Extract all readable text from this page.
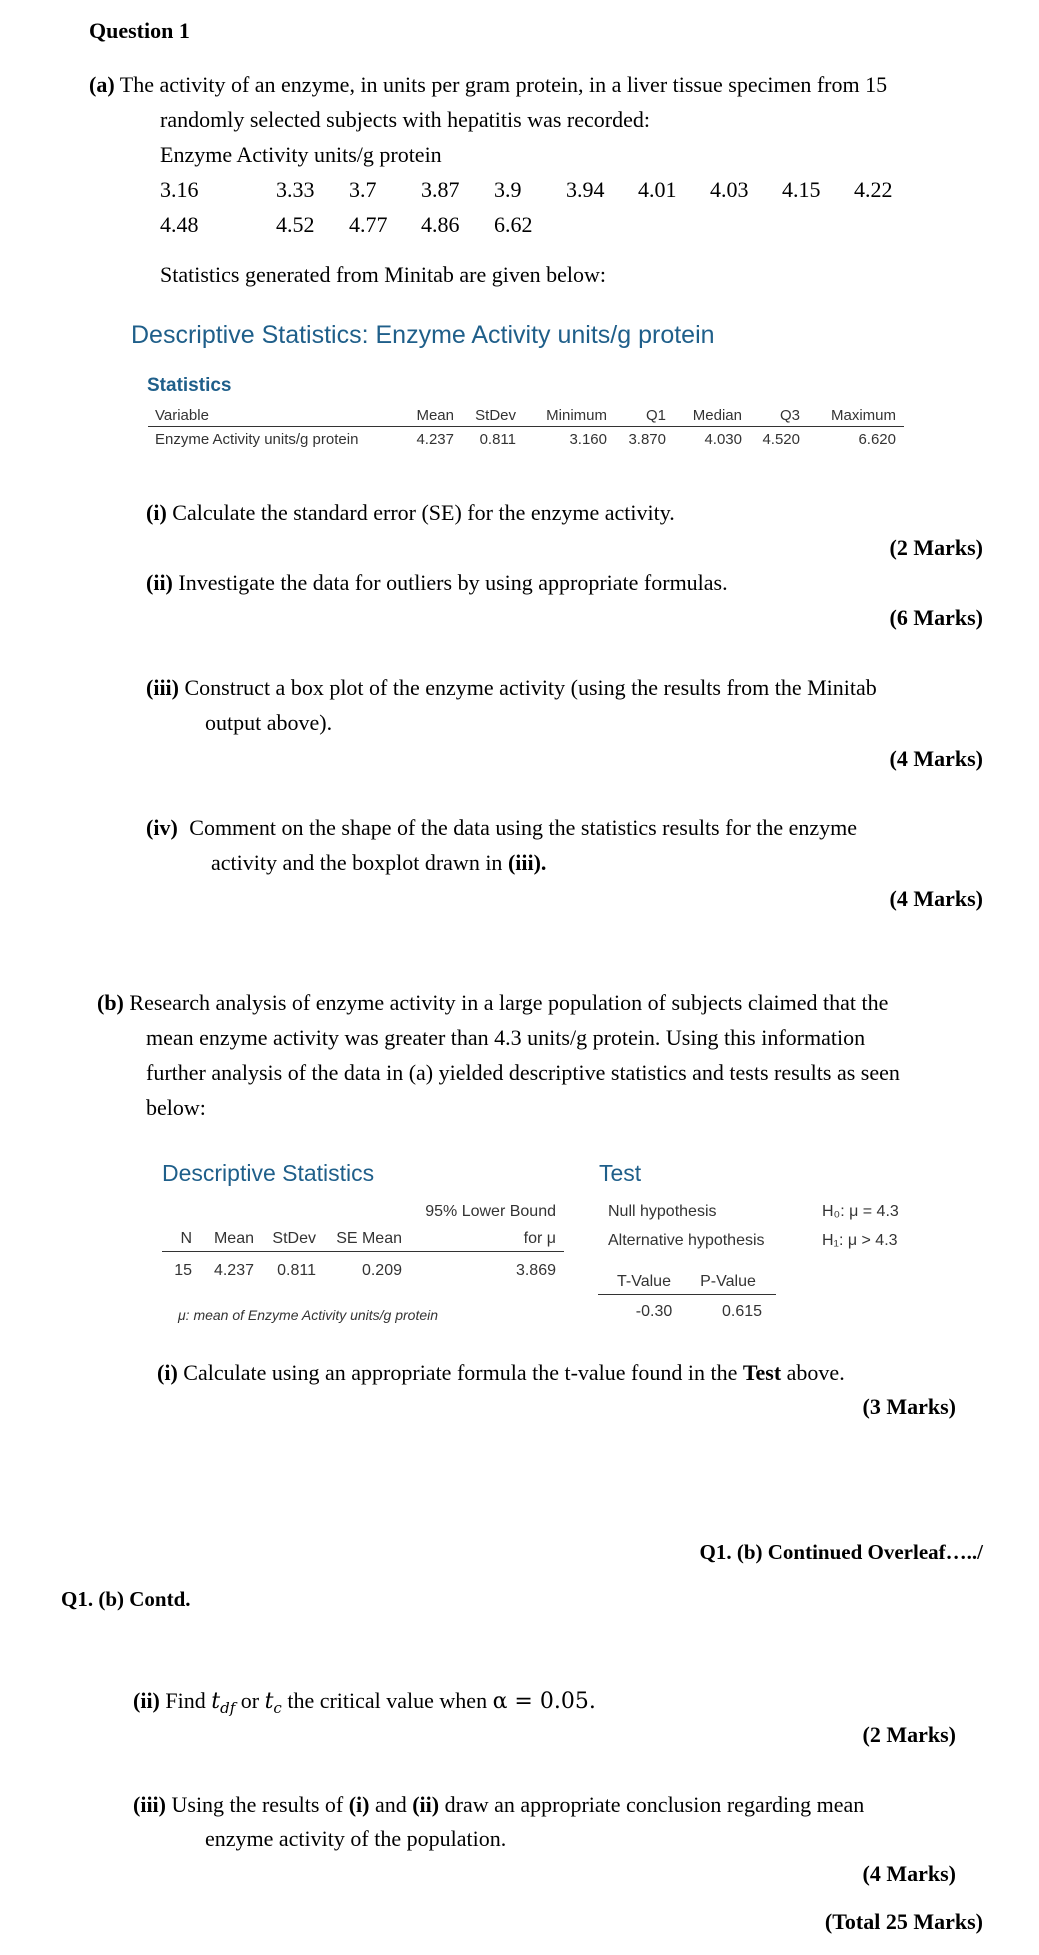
Question 1
(a) The activity of an enzyme, in units per gram protein, in a liver tissue specimen from 15
randomly selected subjects with hepatitis was recorded:
Enzyme Activity units/g protein
3.16	3.33 3.7 3.87 3.9 3.94 4.01 4.03 4.15 4.22
4.48	4.52 4.77 4.86 6.62
Statistics generated from Minitab are given below:
Descriptive Statistics: Enzyme Activity units/g protein
Statistics
Variable	Mean	StDev	Minimum	Q1	Median	Q3	Maximum
Enzyme Activity units/g protein	4.237	0.811	3.160	3.870	4.030	4.520	6.620
(i) Calculate the standard error (SE) for the enzyme activity.
(2 Marks)
(ii) Investigate the data for outliers by using appropriate formulas.
(6 Marks)
(iii) Construct a box plot of the enzyme activity (using the results from the Minitab
output above).
(4 Marks)
(iv) Comment on the shape of the data using the statistics results for the enzyme
activity and the boxplot drawn in (iii).
(4 Marks)
(b) Research analysis of enzyme activity in a large population of subjects claimed that the
mean enzyme activity was greater than 4.3 units/g protein. Using this information
further analysis of the data in (a) yielded descriptive statistics and tests results as seen
below:
Descriptive Statistics
95% Lower Bound
for μ
N	Mean	StDev	SE Mean
15	4.237	0.811	0.209	3.869
μ: mean of Enzyme Activity units/g protein
Test
Null hypothesis	H₀: μ = 4.3
Alternative hypothesis	H₁: μ > 4.3
T-Value	P-Value
-0.30	0.615
(i) Calculate using an appropriate formula the t-value found in the Test above.
(3 Marks)
Q1. (b) Continued Overleaf…../
Q1. (b) Contd.
(ii) Find $t_{df}$ or $t_c$ the critical value when α = 0.05.
(2 Marks)
(iii) Using the results of (i) and (ii) draw an appropriate conclusion regarding mean
enzyme activity of the population.
(4 Marks)
(Total 25 Marks)
